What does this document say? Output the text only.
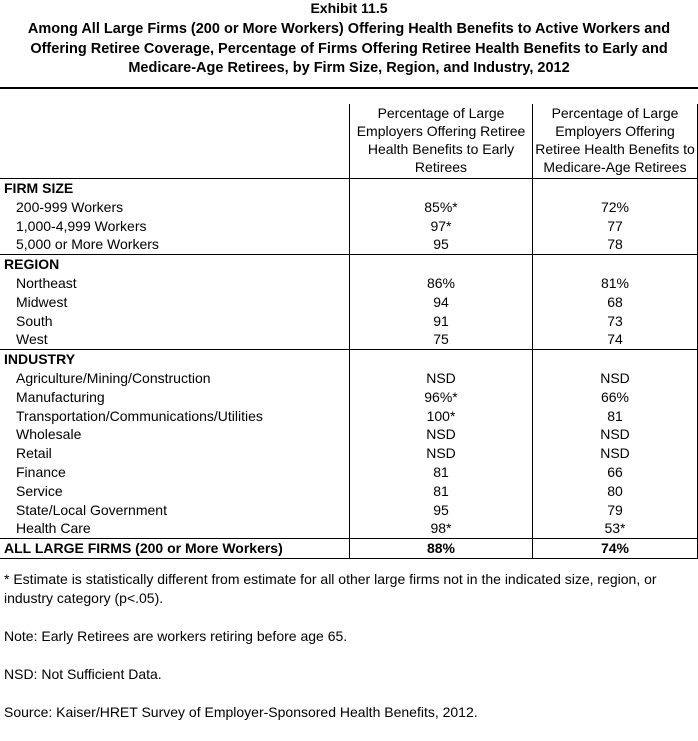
Exhibit 11.5
Among All Large Firms (200 or More Workers) Offering Health Benefits to Active Workers and Offering Retiree Coverage, Percentage of Firms Offering Retiree Health Benefits to Early and Medicare-Age Retirees, by Firm Size, Region, and Industry, 2012
	Percentage of Large Employers Offering Retiree Health Benefits to Early Retirees	Percentage of Large Employers Offering Retiree Health Benefits to Medicare-Age Retirees
FIRM SIZE		
200-999 Workers	85%*	72%
1,000-4,999 Workers	97*	77
5,000 or More Workers	95	78
REGION		
Northeast	86%	81%
Midwest	94	68
South	91	73
West	75	74
INDUSTRY		
Agriculture/Mining/Construction	NSD	NSD
Manufacturing	96%*	66%
Transportation/Communications/Utilities	100*	81
Wholesale	NSD	NSD
Retail	NSD	NSD
Finance	81	66
Service	81	80
State/Local Government	95	79
Health Care	98*	53*
ALL LARGE FIRMS (200 or More Workers)	88%	74%

* Estimate is statistically different from estimate for all other large firms not in the indicated size, region, or industry category (p<.05).

Note: Early Retirees are workers retiring before age 65.

NSD: Not Sufficient Data.

Source: Kaiser/HRET Survey of Employer-Sponsored Health Benefits, 2012.
